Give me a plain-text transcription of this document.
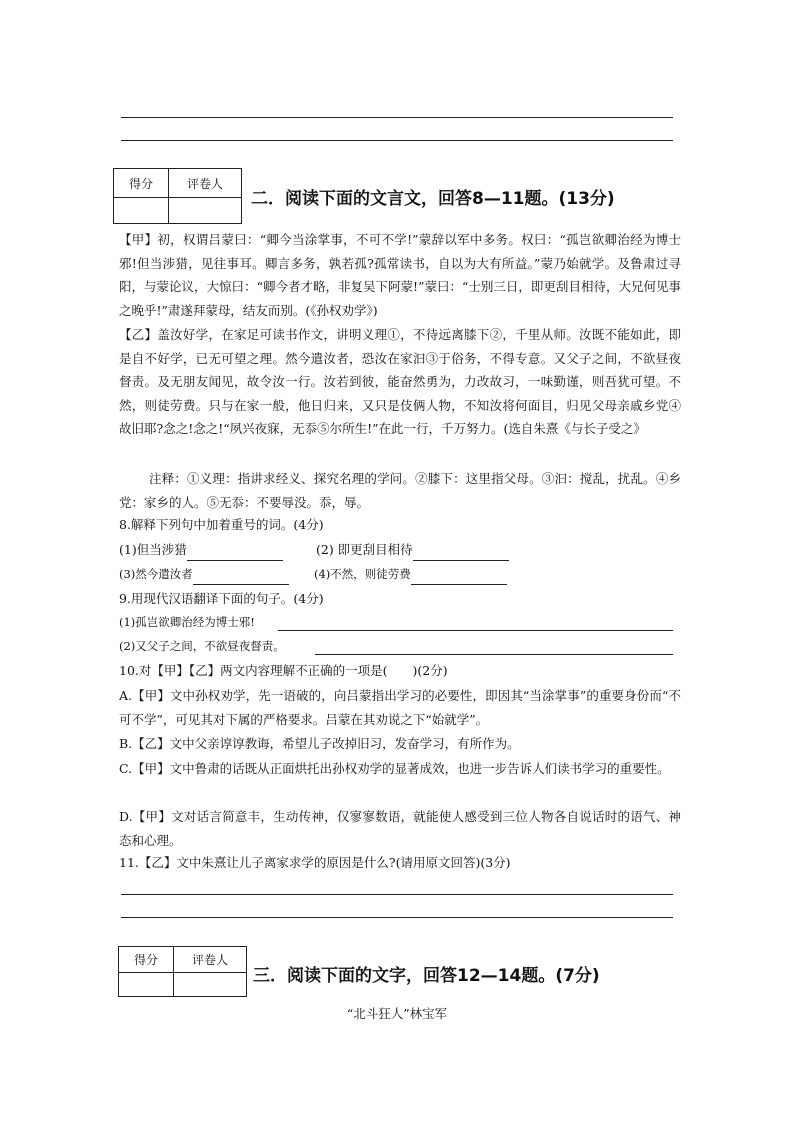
得分	评卷人

二．阅读下面的文言文，回答8—11题。(13分)
【甲】初，权谓吕蒙曰：“卿今当涂掌事，不可不学!”蒙辞以军中多务。权曰：“孤岂欲卿治经为博士邪!但当涉猎，见往事耳。卿言多务，孰若孤?孤常读书，自以为大有所益。”蒙乃始就学。及鲁肃过寻阳，与蒙论议，大惊曰：“卿今者才略，非复吴下阿蒙!”蒙曰：“士别三日，即更刮目相待，大兄何见事之晚乎!”肃遂拜蒙母，结友而别。(《孙权劝学》)
【乙】盖汝好学，在家足可读书作文，讲明义理①，不待远离膝下②，千里从师。汝既不能如此，即是自不好学，已无可望之理。然今遣汝者，恐汝在家汩③于俗务，不得专意。又父子之间，不欲昼夜督责。及无朋友闻见，故令汝一行。汝若到彼，能奋然勇为，力改故习，一味勤谨，则吾犹可望。不然，则徒劳费。只与在家一般，他日归来，又只是伎俩人物，不知汝将何面目，归见父母亲戚乡党④故旧耶?念之!念之!“夙兴夜寐，无忝⑤尔所生!”在此一行，千万努力。(选自朱熹《与长子受之》
注释：①义理：指讲求经义、探究名理的学问。②膝下：这里指父母。③汩：搅乱，扰乱。④乡党：家乡的人。⑤无忝：不要辱没。忝，辱。
8.解释下列句中加着重号的词。(4分)
(1)但当涉猎	(2) 即更刮目相待
(3)然今遣汝者	(4)不然，则徒劳费
9.用现代汉语翻译下面的句子。(4分)
(1)孤岂欲卿治经为博士邪!
(2)又父子之间，不欲昼夜督责。
10.对【甲】【乙】两文内容理解不正确的一项是(　　)(2分)
A.【甲】文中孙权劝学，先一语破的，向吕蒙指出学习的必要性，即因其“当涂掌事”的重要身份而“不可不学”，可见其对下属的严格要求。吕蒙在其劝说之下“始就学”。
B.【乙】文中父亲谆谆教诲，希望儿子改掉旧习，发奋学习，有所作为。
C.【甲】文中鲁肃的话既从正面烘托出孙权劝学的显著成效，也进一步告诉人们读书学习的重要性。
D.【甲】文对话言简意丰，生动传神，仅寥寥数语，就能使人感受到三位人物各自说话时的语气、神态和心理。
11.【乙】文中朱熹让儿子离家求学的原因是什么?(请用原文回答)(3分)
得分	评卷人

三．阅读下面的文字，回答12—14题。(7分)
“北斗狂人”林宝军
